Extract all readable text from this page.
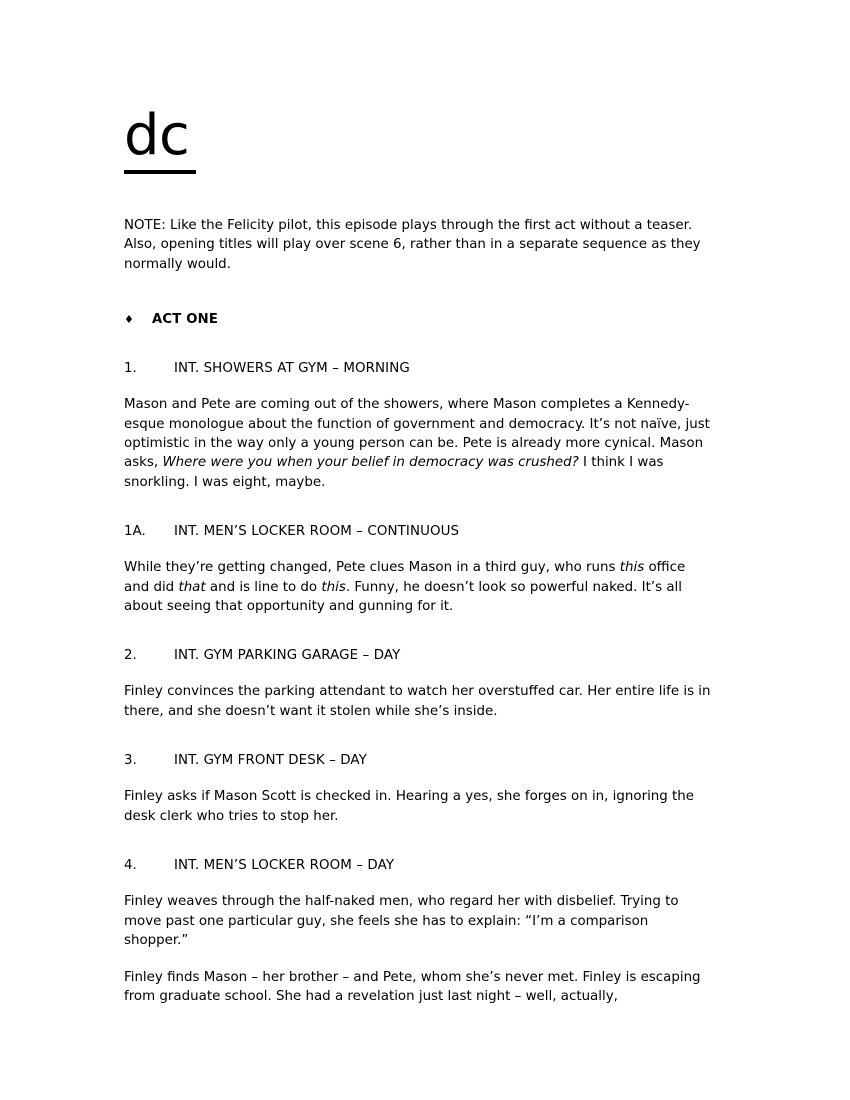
dc
NOTE: Like the Felicity pilot, this episode plays through the first act without a teaser. Also, opening titles will play over scene 6, rather than in a separate sequence as they normally would.
♦	ACT ONE
1.	INT. SHOWERS AT GYM – MORNING
Mason and Pete are coming out of the showers, where Mason completes a Kennedy-esque monologue about the function of government and democracy. It’s not naïve, just optimistic in the way only a young person can be. Pete is already more cynical. Mason asks, Where were you when your belief in democracy was crushed? I think I was snorkling. I was eight, maybe.
1A.	INT. MEN’S LOCKER ROOM – CONTINUOUS
While they’re getting changed, Pete clues Mason in a third guy, who runs this office and did that and is line to do this. Funny, he doesn’t look so powerful naked. It’s all about seeing that opportunity and gunning for it.
2.	INT. GYM PARKING GARAGE – DAY
Finley convinces the parking attendant to watch her overstuffed car. Her entire life is in there, and she doesn’t want it stolen while she’s inside.
3.	INT. GYM FRONT DESK – DAY
Finley asks if Mason Scott is checked in. Hearing a yes, she forges on in, ignoring the desk clerk who tries to stop her.
4.	INT. MEN’S LOCKER ROOM – DAY
Finley weaves through the half-naked men, who regard her with disbelief. Trying to move past one particular guy, she feels she has to explain: “I’m a comparison shopper.”
Finley finds Mason – her brother – and Pete, whom she’s never met. Finley is escaping from graduate school. She had a revelation just last night – well, actually,
